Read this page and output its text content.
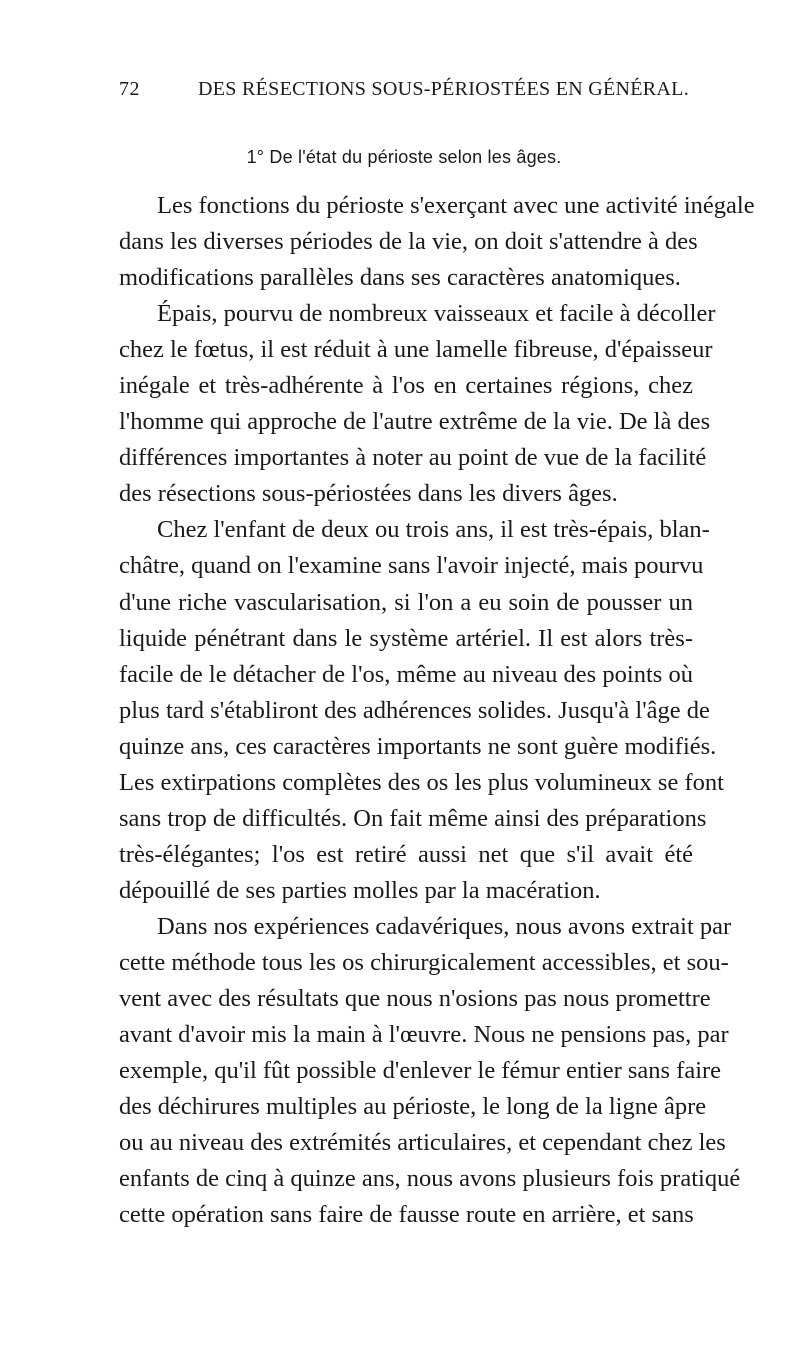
72	DES RÉSECTIONS SOUS-PÉRIOSTÉES EN GÉNÉRAL.
1° De l'état du périoste selon les âges.
Les fonctions du périoste s'exerçant avec une activité inégale
dans les diverses périodes de la vie, on doit s'attendre à des
modifications parallèles dans ses caractères anatomiques.
Épais, pourvu de nombreux vaisseaux et facile à décoller
chez le fœtus, il est réduit à une lamelle fibreuse, d'épaisseur
inégale et très-adhérente à l'os en certaines régions, chez
l'homme qui approche de l'autre extrême de la vie. De là des
différences importantes à noter au point de vue de la facilité
des résections sous-périostées dans les divers âges.
Chez l'enfant de deux ou trois ans, il est très-épais, blan-
châtre, quand on l'examine sans l'avoir injecté, mais pourvu
d'une riche vascularisation, si l'on a eu soin de pousser un
liquide pénétrant dans le système artériel. Il est alors très-
facile de le détacher de l'os, même au niveau des points où
plus tard s'établiront des adhérences solides. Jusqu'à l'âge de
quinze ans, ces caractères importants ne sont guère modifiés.
Les extirpations complètes des os les plus volumineux se font
sans trop de difficultés. On fait même ainsi des préparations
très-élégantes; l'os est retiré aussi net que s'il avait été
dépouillé de ses parties molles par la macération.
Dans nos expériences cadavériques, nous avons extrait par
cette méthode tous les os chirurgicalement accessibles, et sou-
vent avec des résultats que nous n'osions pas nous promettre
avant d'avoir mis la main à l'œuvre. Nous ne pensions pas, par
exemple, qu'il fût possible d'enlever le fémur entier sans faire
des déchirures multiples au périoste, le long de la ligne âpre
ou au niveau des extrémités articulaires, et cependant chez les
enfants de cinq à quinze ans, nous avons plusieurs fois pratiqué
cette opération sans faire de fausse route en arrière, et sans
